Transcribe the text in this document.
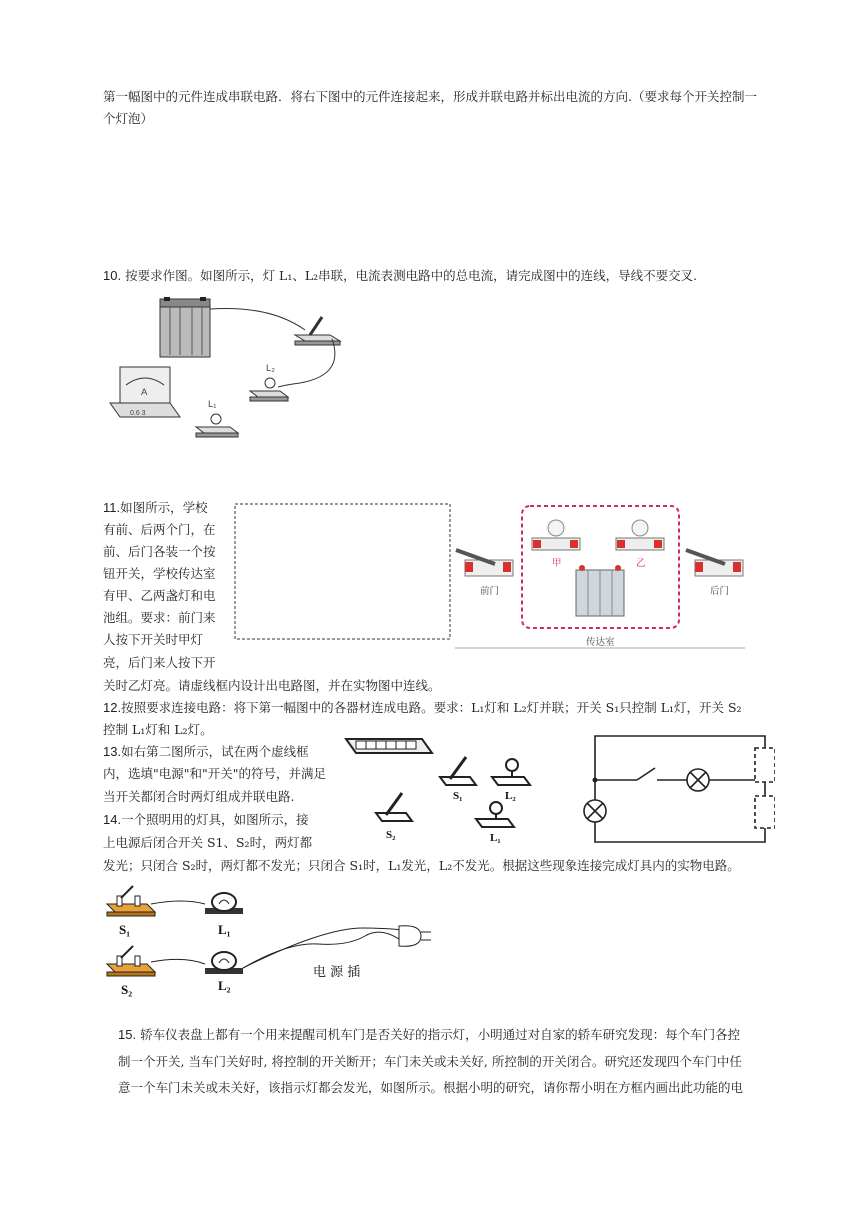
第一幅图中的元件连成串联电路．将右下图中的元件连接起来，形成并联电路并标出电流的方向.（要求每个开关控制一
个灯泡）
10. 按要求作图。如图所示，灯 L₁、L₂串联，电流表测电路中的总电流，请完成图中的连线，导线不要交叉.
L₂
A
0.6 3
L₁
11.如图所示，学校
有前、后两个门，在
前、后门各装一个按
钮开关，学校传达室
有甲、乙两盏灯和电
池组。要求：前门来
人按下开关时甲灯
亮，后门来人按下开
关时乙灯亮。请虚线框内设计出电路图，并在实物图中连线。
前门
甲	乙
后门
传达室
12.按照要求连接电路：将下第一幅图中的各器材连成电路。要求：L₁灯和 L₂灯并联；开关 S₁只控制 L₁灯，开关 S₂
控制 L₁灯和 L₂灯。
13.如右第二图所示，试在两个虚线框
内，选填"电源"和"开关"的符号，并满足
当开关都闭合时两灯组成并联电路.
14.一个照明用的灯具，如图所示，接
上电源后闭合开关 S1、S₂时，两灯都
发光；只闭合 S₂时，两灯都不发光；只闭合 S₁时，L₁发光，L₂不发光。根据这些现象连接完成灯具内的实物电路。
S₁	L₂
S₂	L₁
S₁	L₁
S₂	L₂
电 源 插
15. 轿车仪表盘上都有一个用来提醒司机车门是否关好的指示灯，小明通过对自家的轿车研究发现：每个车门各控
制一个开关, 当车门关好时, 将控制的开关断开；车门未关或未关好, 所控制的开关闭合。研究还发现四个车门中任
意一个车门未关或未关好，该指示灯都会发光，如图所示。根据小明的研究，请你帮小明在方框内画出此功能的电
